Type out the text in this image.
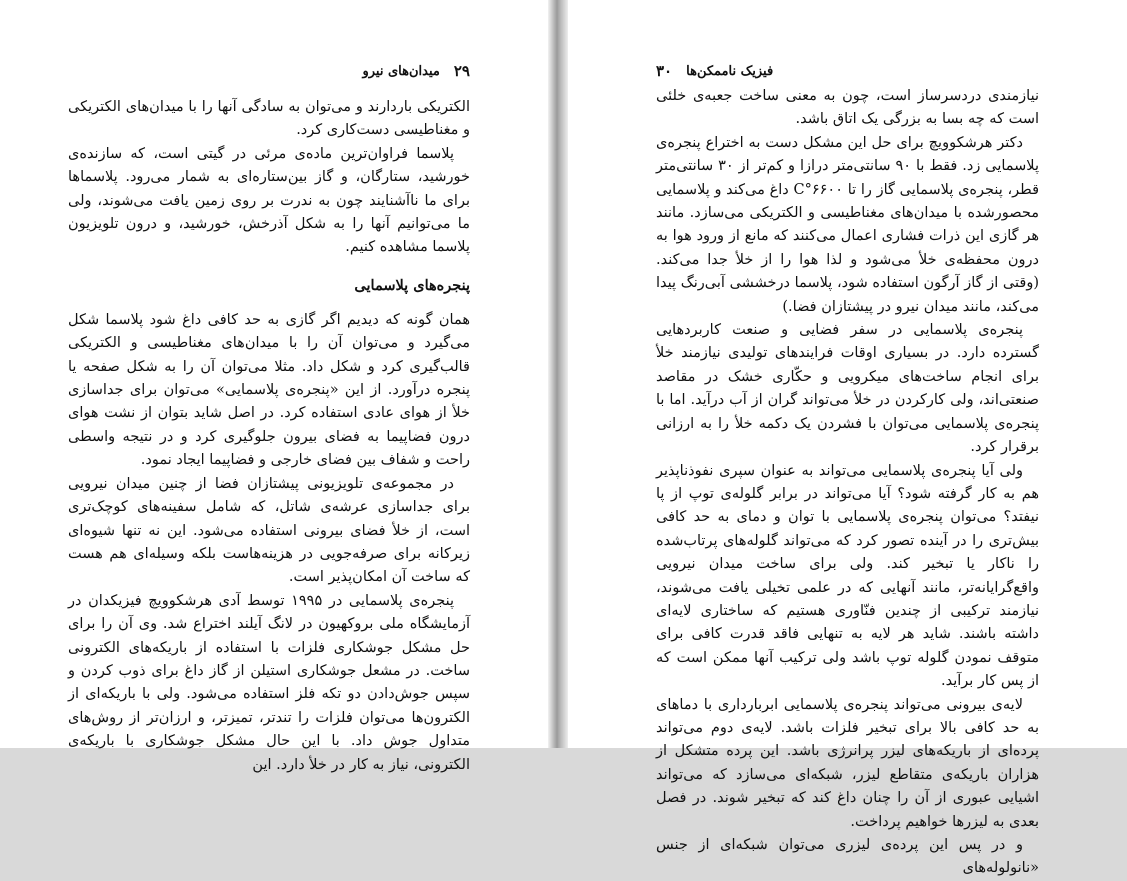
۲۹
میدان‌های نیرو

الکتریکی باردارند و می‌توان به سادگی آنها را با میدان‌های الکتریکی و مغناطیسی دست‌کاری کرد.

پلاسما فراوان‌ترین ماده‌ی مرئی در گیتی است، که سازنده‌ی خورشید، ستارگان، و گاز بین‌ستاره‌ای به شمار می‌رود. پلاسماها برای ما ناآشنایند چون به ندرت بر روی زمین یافت می‌شوند، ولی ما می‌توانیم آنها را به شکل آذرخش، خورشید، و درون تلویزیون پلاسما مشاهده کنیم.

پنجره‌های پلاسمایی

همان گونه که دیدیم اگر گازی به حد کافی داغ شود پلاسما شکل می‌گیرد و می‌توان آن را با میدان‌های مغناطیسی و الکتریکی قالب‌گیری کرد و شکل داد. مثلا می‌توان آن را به شکل صفحه یا پنجره درآورد. از این «پنجره‌ی پلاسمایی» می‌توان برای جداسازی خلأ از هوای عادی استفاده کرد. در اصل شاید بتوان از نشت هوای درون فضاپیما به فضای بیرون جلوگیری کرد و در نتیجه واسطی راحت و شفاف بین فضای خارجی و فضاپیما ایجاد نمود.

در مجموعه‌ی تلویزیونی پیشتازان فضا از چنین میدان نیرویی برای جداسازی عرشه‌ی شاتل، که شامل سفینه‌های کوچک‌تری است، از خلأ فضای بیرونی استفاده می‌شود. این نه تنها شیوه‌ای زیرکانه برای صرفه‌جویی در هزینه‌هاست بلکه وسیله‌ای هم هست که ساخت آن امکان‌پذیر است.

پنجره‌ی پلاسمایی در ۱۹۹۵ توسط آدی هرشکوویچ فیزیکدان در آزمایشگاه ملی بروکهیون در لانگ آیلند اختراع شد. وی آن را برای حل مشکل جوشکاری فلزات با استفاده از باریکه‌های الکترونی ساخت. در مشعل جوشکاری استیلن از گاز داغ برای ذوب کردن و سپس جوش‌دادن دو تکه فلز استفاده می‌شود. ولی با باریکه‌ای از الکترون‌ها می‌توان فلزات را تندتر، تمیزتر، و ارزان‌تر از روش‌های متداول جوش داد. با این حال مشکل جوشکاری با باریکه‌ی الکترونی، نیاز به کار در خلأ دارد. این

فیزیک ناممکن‌ها
۳۰

نیازمندی دردسرساز است، چون به معنی ساخت جعبه‌ی خلئی است که چه بسا به بزرگی یک اتاق باشد.

دکتر هرشکوویچ برای حل این مشکل دست به اختراع پنجره‌ی پلاسمایی زد. فقط با ۹۰ سانتی‌متر درازا و کم‌تر از ۳۰ سانتی‌متر قطر، پنجره‌ی پلاسمایی گاز را تا ۶۶۰۰°C داغ می‌کند و پلاسمایی محصورشده با میدان‌های مغناطیسی و الکتریکی می‌سازد. مانند هر گازی این ذرات فشاری اعمال می‌کنند که مانع از ورود هوا به درون محفظه‌ی خلأ می‌شود و لذا هوا را از خلأ جدا می‌کند. (وقتی از گاز آرگون استفاده شود، پلاسما درخششی آبی‌رنگ پیدا می‌کند، مانند میدان نیرو در پیشتازان فضا.)

پنجره‌ی پلاسمایی در سفر فضایی و صنعت کاربردهایی گسترده دارد. در بسیاری اوقات فرایندهای تولیدی نیازمند خلأ برای انجام ساخت‌های میکرویی و حکّاری خشک در مقاصد صنعتی‌اند، ولی کارکردن در خلأ می‌تواند گران از آب درآید. اما با پنجره‌ی پلاسمایی می‌توان با فشردن یک دکمه خلأ را به ارزانی برقرار کرد.

ولی آیا پنجره‌ی پلاسمایی می‌تواند به عنوان سپری نفوذناپذیر هم به کار گرفته شود؟ آیا می‌تواند در برابر گلوله‌ی توپ از پا نیفتد؟ می‌توان پنجره‌ی پلاسمایی با توان و دمای به حد کافی بیش‌تری را در آینده تصور کرد که می‌تواند گلوله‌های پرتاب‌شده را ناکار یا تبخیر کند. ولی برای ساخت میدان نیرویی واقع‌گرایانه‌تر، مانند آنهایی که در علمی تخیلی یافت می‌شوند، نیازمند ترکیبی از چندین فنّاوری هستیم که ساختاری لایه‌ای داشته باشند. شاید هر لایه به تنهایی فاقد قدرت کافی برای متوقف نمودن گلوله توپ باشد ولی ترکیب آنها ممکن است که از پس کار برآید.

لایه‌ی بیرونی می‌تواند پنجره‌ی پلاسمایی ابربارداری با دماهای به حد کافی بالا برای تبخیر فلزات باشد. لایه‌ی دوم می‌تواند پرده‌ای از باریکه‌های لیزر پرانرژی باشد. این پرده متشکل از هزاران باریکه‌ی متقاطع لیزر، شبکه‌ای می‌سازد که می‌تواند اشیایی عبوری از آن را چنان داغ کند که تبخیر شوند. در فصل بعدی به لیزرها خواهیم پرداخت.

و در پس این پرده‌ی لیزری می‌توان شبکه‌ای از جنس «نانولوله‌های
